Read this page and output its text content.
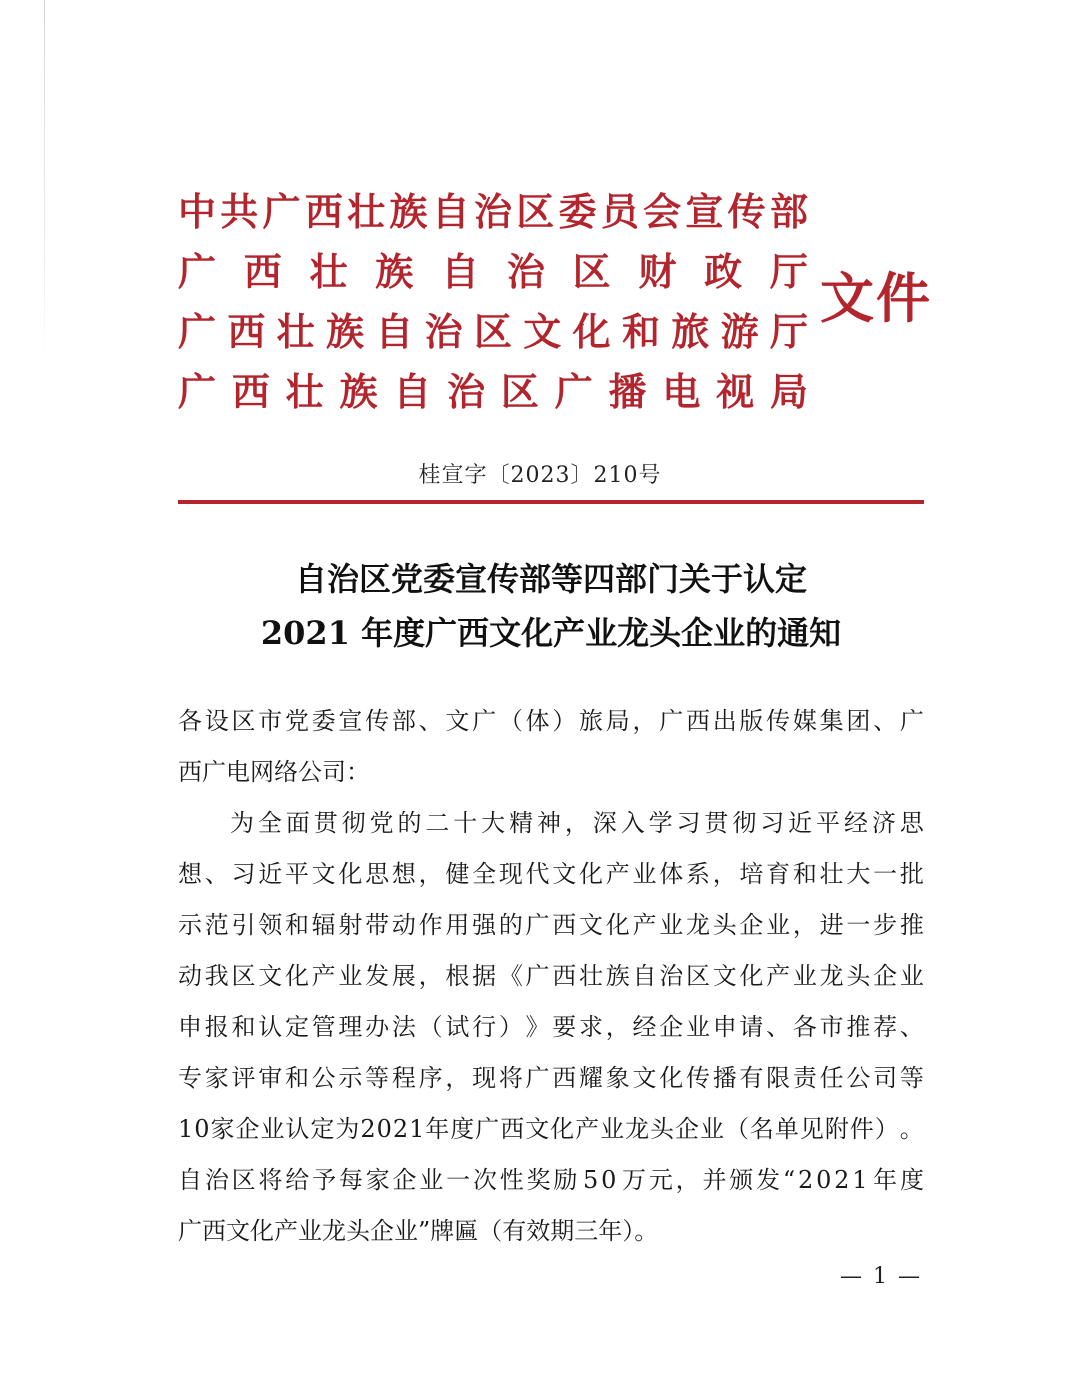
中 共 广 西 壮 族 自 治 区 委 员 会 宣 传 部
广 西 壮 族 自 治 区 财 政 厅
广 西 壮 族 自 治 区 文 化 和 旅 游 厅
广 西 壮 族 自 治 区 广 播 电 视 局
文件
桂宣字〔2023〕210号
自治区党委宣传部等四部门关于认定
2021 年度广西文化产业龙头企业的通知
各 设 区 市 党 委 宣 传 部 、 文 广 （ 体 ） 旅 局 ， 广 西 出 版 传 媒 集 团 、 广
西广电网络公司：
为 全 面 贯 彻 党 的 二 十 大 精 神 ， 深 入 学 习 贯 彻 习 近 平 经 济 思
想 、 习 近 平 文 化 思 想 ， 健 全 现 代 文 化 产 业 体 系 ， 培 育 和 壮 大 一 批
示 范 引 领 和 辐 射 带 动 作 用 强 的 广 西 文 化 产 业 龙 头 企 业 ， 进 一 步 推
动 我 区 文 化 产 业 发 展 ， 根 据 《 广 西 壮 族 自 治 区 文 化 产 业 龙 头 企 业
申 报 和 认 定 管 理 办 法 （ 试 行 ） 》 要 求 ， 经 企 业 申 请 、 各 市 推 荐 、
专 家 评 审 和 公 示 等 程 序 ， 现 将 广 西 耀 象 文 化 传 播 有 限 责 任 公 司 等
1 0 家 企 业 认 定 为 2 0 2 1 年 度 广 西 文 化 产 业 龙 头 企 业 （ 名 单 见 附 件 ） 。
自 治 区 将 给 予 每 家 企 业 一 次 性 奖 励 5 0 万 元 ， 并 颁 发 “ 2 0 2 1 年 度
广西文化产业龙头企业”牌匾（有效期三年）。
— 1 —
